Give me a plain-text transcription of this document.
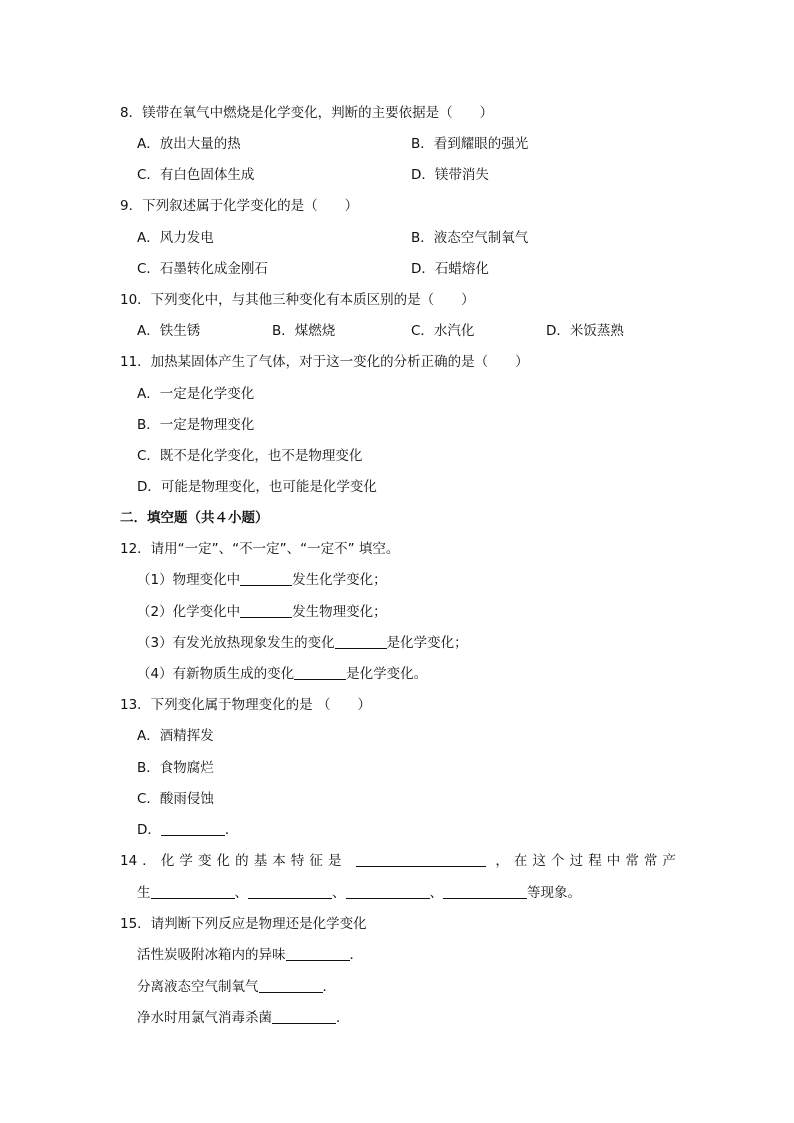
8．镁带在氧气中燃烧是化学变化，判断的主要依据是（　　）
A．放出大量的热	B．看到耀眼的强光
C．有白色固体生成	D．镁带消失
9．下列叙述属于化学变化的是（　　）
A．风力发电	B．液态空气制氧气
C．石墨转化成金刚石	D．石蜡熔化
10．下列变化中，与其他三种变化有本质区别的是（　　）
A．铁生锈	B．煤燃烧	C．水汽化	D．米饭蒸熟
11．加热某固体产生了气体，对于这一变化的分析正确的是（　　）
A．一定是化学变化
B．一定是物理变化
C．既不是化学变化，也不是物理变化
D．可能是物理变化，也可能是化学变化
二．填空题（共４小题）
12．请用“一定”、“不一定”、“一定不” 填空。
（1）物理变化中	发生化学变化；
（2）化学变化中	发生物理变化；
（3）有发光放热现象发生的变化	是化学变化；
（4）有新物质生成的变化	是化学变化。
13．下列变化属于物理变化的是 （　　）
A．酒精挥发
B．食物腐烂
C．酸雨侵蚀
D．	．
14．化学变化的基本特征是	，在这个过程中常常产
生	、	、	、	等现象。
15．请判断下列反应是物理还是化学变化
活性炭吸附冰箱内的异味	．
分离液态空气制氧气	．
净水时用氯气消毒杀菌	．
